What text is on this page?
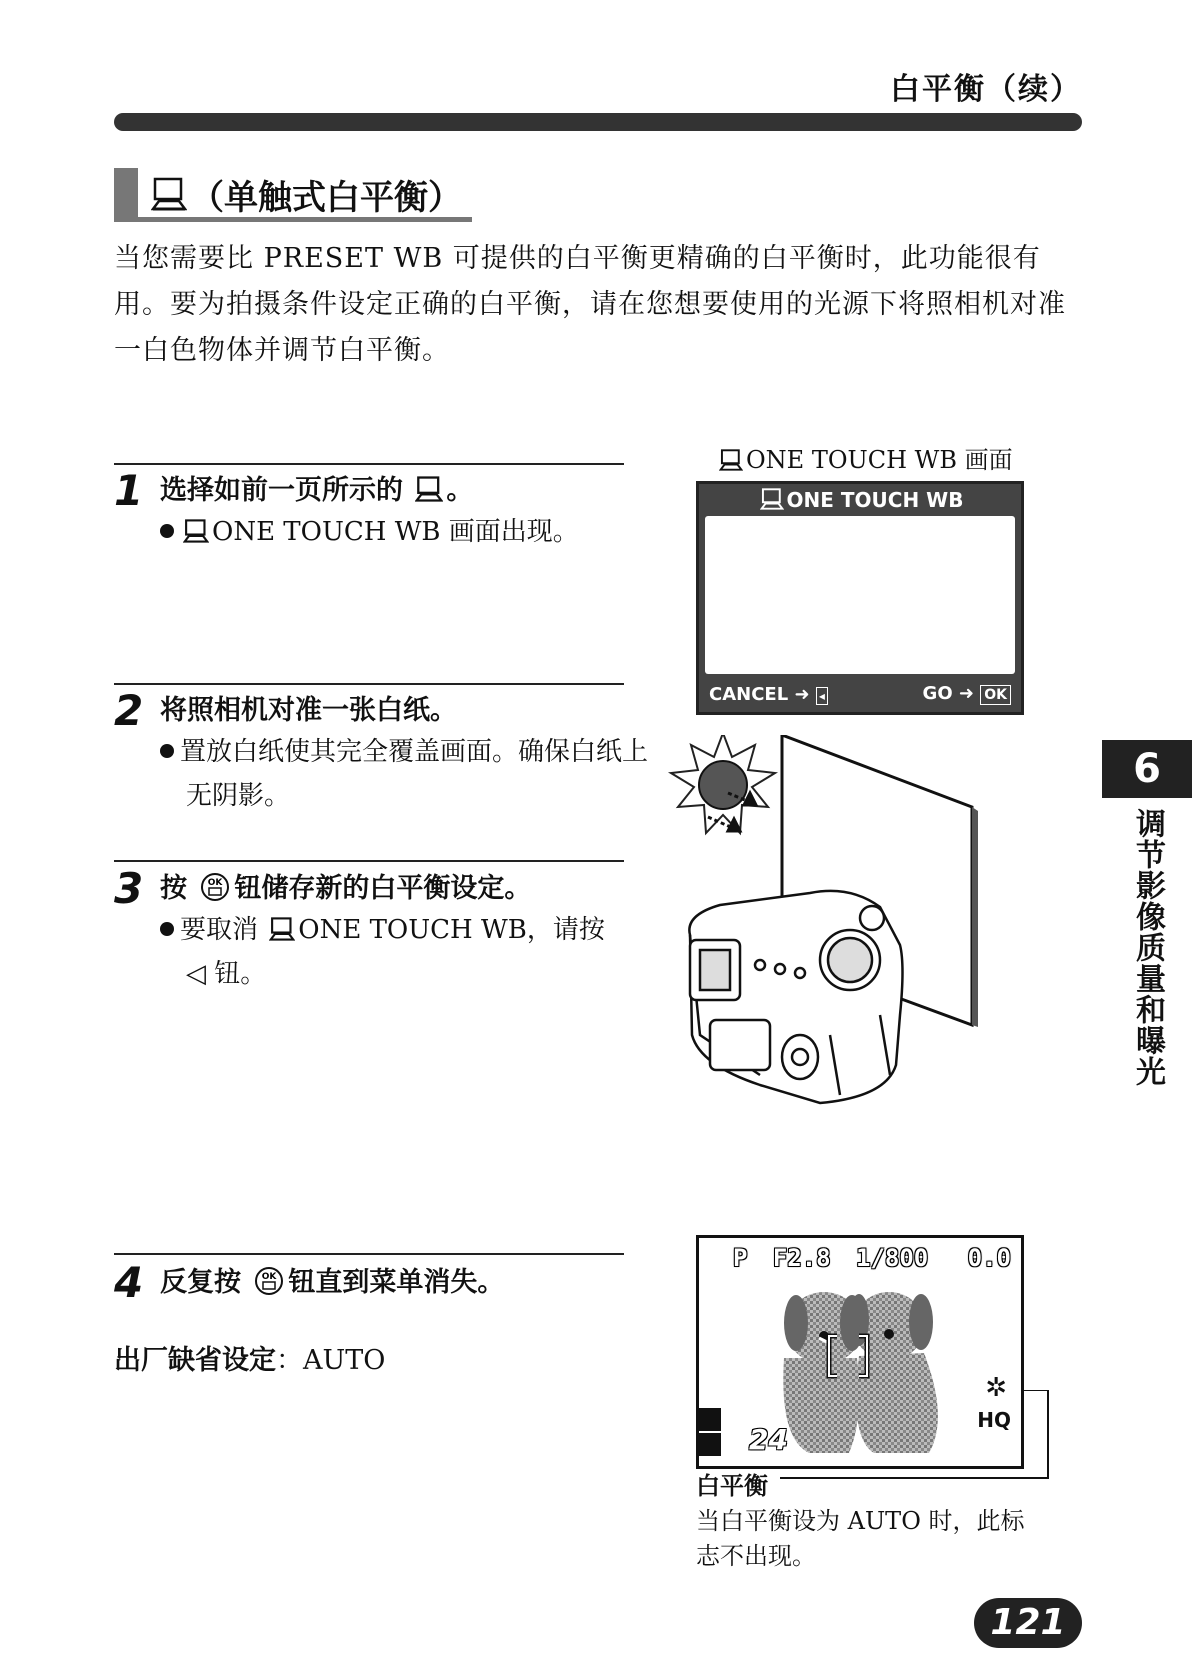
白平衡（续）
（单触式白平衡）
当您需要比 PRESET WB 可提供的白平衡更精确的白平衡时，此功能很有用。要为拍摄条件设定正确的白平衡，请在您想要使用的光源下将照相机对准一白色物体并调节白平衡。
1 选择如前一页所示的 。
ONE TOUCH WB 画面出现。
2 将照相机对准一张白纸。
置放白纸使其完全覆盖画面。确保白纸上无阴影。
3 按 OK 钮储存新的白平衡设定。
要取消 ONE TOUCH WB，请按
◁ 钮。
4 反复按 OK 钮直到菜单消失。
出厂缺省设定：AUTO
ONE TOUCH WB 画面
ONE TOUCH WB
CANCEL ➜ ◂	GO ➜ OK
P F2.8 1/800 0.0
✲
HQ
24
白平衡
当白平衡设为 AUTO 时，此标志不出现。
6
调节影像质量和曝光
121
